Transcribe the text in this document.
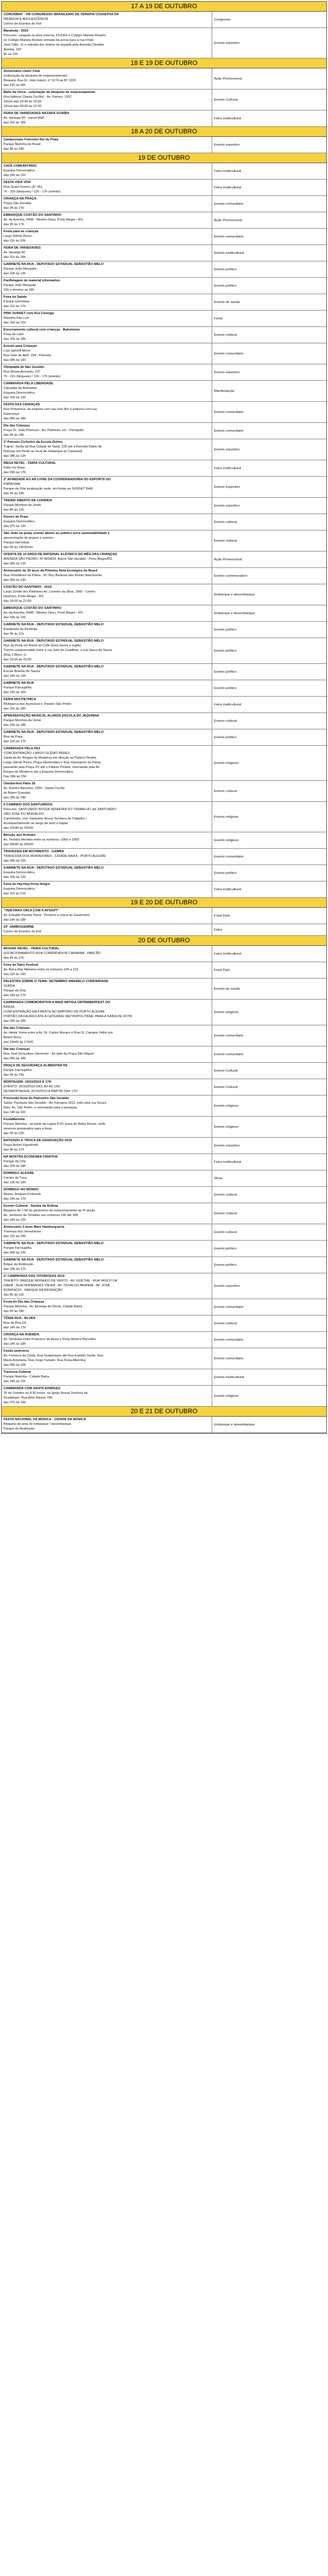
17 A 19 DE OUTUBRO
CONCRIBAT - VIII CONGRESSO BRASILEIRO DE TERAPIA COGNITIVA DA
INFÂNCIA E ADOLESCÊNCIA
Centro de Eventos do Fiol
Congresso
Maratoda - 2019
Percurso: Largada na área externa, PUCRS e Colégio Marista Rosário
no Colégio Marista Rosário entrada da prova para a rua Irmão
José Otão, 11 e entrada dos ônibus da largada pela Avenida Osvaldo
Aranha, 165
6h as 22h
Evento esportivo
18 E 19 DE OUTUBRO
Aniversário Liberr Club
(solicitação de bloqueio de estacionamento)
Bloqueio Rua Dr. João Inácio, nº 1174 ao Nº 1200
das 21h às 06h
Ação Promocional
Balle da Vinca - solicitação de bloqueio de estacionamento
Rua Itaboraí (Santa Cecília) - Av. Ramiro, 1937
18/out das 15:00 às 22:00
19/out das 09:00 às 21:00
Evento Cultural
FEIRA DE VARIEDADES NAZARÁ GUAÍBA
Av. Ipiranga 60 - Ivanal Mall
das 11h às 18h
Feira multicultural
18 A 20 DE OUTUBRO
Campeonato Futevolei Rei de Praia
Parque Marinha do Brasil
das 8h as 18h
Evento esportivo
19 DE OUTUBRO
CAFÉ COMUNITÁRIO
Esquina Democrática
das 14h às 21h
Feira multicultural
FESTA VIDA VIVA
Rua Guaió Gomes (A / 9h)
7h - 21h (bloqueio) / 12h - 17h (evento)
Feira multicultural
CRIANÇA NA PRAÇA
Praça São Geraldo
das 9h às 17h
Evento comunitário
EMBARQUE COSTÃO DO SANTINHO
Av. da Azenha, 4498 - Menino Deus, Porto Alegre - RS
das 9h às 17h
Ação Promocional
Festa para as crianças
Largo Glênio Peres
das 11h às 20h
Evento comunitário
FEIRA DE VARIEDADES
Av. Ipiranga 60
das 11h às 18h
Evento multicultural
GABINETE NA RUA - DEPUTADO ESTADUAL SEBASTIÃO MELO
Parque João Mesquita
das 10h às 12h
Evento político
Panfletagem de material informativo
Parque Júlio Mesquita
15h e término as 18h
Evento político
Feira de Saúde
Parque Germânia
das 11h às 17h
Evento de saúde
PINK SUNSET com Rca Consigo
Marinha São Luiz
das 16h às 21h
Festa
Encerramento cultural com crianças - Balonismo
Praia do Lami
das 10h às 18h
Evento cultural
Evento para Crianças
Loja Spinelli Mono
Rua Sete de Abril, 294 - Floresta
das 09h às 16h
Evento comunitário
Olimpíada de São Geraldo
Rua Moura Azevedo, 237
7h - 21h (bloqueio) / 12h - 17h (evento)
Evento esportivo
CAMINHADA PELA LIBERDADE
Calçadão da Andradas
Esquina Democrática
das 10h às 15h
Manifestação
FESTA DAS CRIANÇAS
Rua Primavera, da esquina com rua Ivan Ilim à esquina com rua
Esperança
das 08h às 18h
Evento comunitário
Dia das Crianças
Praça Dr. João Peterson - Av. Palmeira, s/n - Petrópolis
das 9h às 18h
Evento comunitário
1º Passeio Ciclístico da Escola Dolmo
Trajeto: Saída da Rua Cidade de Natal, 235 até a Avenida Diário de
Notícias em frente ao local de embarque do Catamarã
das 08h às 12h
Evento esportivo
MEGA REVEL - FEIRA CULTURAL
Pátio Ivo Rope
das 09h às 17h
Feira multicultural
2º AFINIDADE AO AR LIVRE DA COORDENADORIA DO ESPORTE DO
PMPA/SME
Parque da Orla localização sede, em frente ao SUNSET BAR
das 9h às 14h
Evento Esportivo
TREINO ABERTO DE CORRIDA
Parque Moinhos de Vento
das 8h às 12h
Evento esportivo
Piseiro de Praia
Esquina Democrática
das 07h às 12h
Evento cultural
São João na praia, evento aberto ao público terra sustentabilidade e
apresentação de grupos e autores
Parque Germânia
das 9h às 19h30min
Evento cultural
OFERTA DE 15 ANOS DE MATERIAL ELÉTRICO NO MÊS DAS CRIANÇAS
AVENIDA SÃO PEDRO, Nº 820/834, Bairro São Geraldo - Porto Alegre/RS
das 08h às 12h
Ação Promocional
Aniversário de 30 anos da Primeira Nota Ecológica do Brasil
Rua Voluntários da Pátria - Dr. Ruy Barbosa das Rosas Nascimento
das 09h às 13h
Evento comemorativo
COSTÃO DO SANTINHO - 2019
Largo Zumbi dos Palmares Av. Loureiro da Silva, 1660 - Centro
Histórico, Porto Alegre - RS
das 19:00 às 21:00
Embarque e desembarque
EMBARQUE COSTÃO DO SANTINHO
Av. da Azenha, 4498 - Menino Deus, Porto Alegre - RS
das 19h às 21h
Embarque e desembarque
GABINETE NA RUA - DEPUTADO ESTADUAL SEBASTIÃO MELO
Esplanada da Restinga
das 9h às 11h
Evento político
GABINETE NA RUA - DEPUTADO ESTADUAL SEBASTIÃO MELO
Rua da Praia em frente ao Café Dona Gema e região
Trecho compreendido entre a rua Julio de Castilhos, a rua Vasco da Gama
(Rua 1 Bloco 1)
das 10:00 às 20:00
Evento político
GABINETE NA RUA - DEPUTADO ESTADUAL SEBASTIÃO MELO
Escola Brasílio de Souza
das 14h às 16h
Evento político
GABINETE NA RUA
Parque Farroupilha
das 14h às 16h
Evento político
FEIRA MULTIETNICA
Multiparca dos Açorianos e Theatro São Pedro
das 11h às 18h
Feira multicultural
APRESENTAÇÃO MUSICAL ALUNOS ESCOLA DO JEQUINHA
Parque Moinhos de Vento
das 16h às 18h
Evento cultural
GABINETE NA RUA - DEPUTADO ESTADUAL SEBASTIÃO MELO
Rua da Praia
das 10h às 17h
Evento político
CAMINHADA PELA PAZ
CONCENTRAÇÃO: LARGO GLÊNIO PERES
Saída da Av. Borges de Medeiros em direção ao Palácio Piratini,
Largo Glênio Peres, Praça Montevidéu e Rua Voluntários da Pátria
passando pela Praça XV até o Palácio Piratini, retornando pela Av.
Borges de Medeiros até a Esquina Democrática
Das 08h às 15h
Evento religioso
Oktoberfest Pátio 26
Av. Ramiro Barcelos, 2350 - Santa Cecília
do Bairro Gravataí
das 18h às 18h
Evento cultural
II CAMINHO DOS SANTUÁRIOS
Percurso: SANTUÁRIO NOSSA SENHORA DO TRABALHO até SANTUÁRIO
SÃO JOSÉ DO MURIALDO
Caminhada, com Santuário Nossa Senhora do Trabalho /
Acompanhamento ao longo de todo o trajeto
das 12h30 as 22h00
Evento religioso
Bênção dos Animais
Av. Teixeira Mendes entre os números: 1066 e 1069
das 09h00 às 20h00
Evento religioso
TRAVESSIA EM MOVIMENTO - GAMBA
TRAVESSIA DOS MORADORES - CIDADE BAIXA - PORTO ALEGRE
das 09h às 15h
Evento comunitário
GABINETE NA RUA - DEPUTADO ESTADUAL SEBASTIÃO MELO
Esquina Democrática
das 10h às 12h
Evento político
Feira de Hip-Hop Porto Alegre
Esquina Democrática
das 11h às 21h
Feira multicultural
19 E 20 DE OUTUBRO
"VEM PARA ORLA COM A APSAPT"
Av. Edvaldo Pereira Paiva - Próximo à Usina do Gasômetro
das 14h às 18h
Food Park
23ª JAMBOGEMINE
Centro de Eventos do Fiol
Feira
20 DE OUTUBRO
MOSAIK REVEL - FEIRA CULTURAL
(ESTACIONAMENTO RUA COMENDADOR CARAHNA - PARCÃO
das 8h às 21h
Feira multicultural
Feira de Tales Festival
Av. Beira-Mar Meireles entre os números 100 a 215
das 11h às 14h
Food Park
PALESTRA SOBRE O TEMA: SETEMBRO AMARELO COMUNIDADE
SURDA
Parque da Orla
das 14h às 17h
Evento de saúde
CAMINHADA COMEMORATIVA A MAIS ANTIGA ONTEMBERFEST DO
BRASIL
CONCENTRAÇÃO EM FRENTE AO EMPÓRIO DE PORTO ALEGRE
PORTÃO DA FAURGS ATÉ A CATEDRAL METROPOLITANA, PARA A SAÍDA DE ROTA
das 09h às 20h
Evento religioso
Dia das Crianças
Av. Heitor Vieira entre a Av. Dr. Carlos Moraes e Rua Dr. Campos Velho em
Belém Novo
das 14h00 às 17h00
Evento comunitário
Dia das Crianças
Rua José Gonçalves Sarmento - Ao lado da Praça São Miguel
das 09h às 18h
Evento comunitário
PRAÇA DE SEGURANÇA ALIMENTAR RS
Parque Farroupilha
das 9h às 15h
Evento Cultural
MONTAGEM: 19/10/2019 À 17H
EVENTO: 20/10/2019 DAS 9H ÀS 16H
DESMONTAGEM: 20/10/2019 A PARTIR DAS 17H
Evento Cultural
Procissão festa do Padroeiro São Geraldo
Saída: Paróquia São Geraldo - Av. Farrapos 2011, indo pela rua Souza
Reis, Av. São Pedro, e retornando para a paróquia
das 14h às 22h
Evento religioso
FestaMarinha
Parque Marinha - as partir da Lagoa 8:00, praia de Belas Rosas, onde
seremos preparados para a festa
das 9h às 22h
Evento religioso
BATIZADO E TROCA DE GRADUAÇÃO 2019
Praça Anísio Figueiredo
das 9h às 17h
Evento esportivo
NA MOSTRA ECONOMIA CRIATIVA
Parque da Orla
das 10h às 18h
Feira multicultural
DOMINGO ALEGRE
Campo da Tuca
das 13h às 18h
Show
DOMINGO NO MUNDO
Museu Joaquim Felizardo
das 14h às 17h
Evento cultural
Evento Cultural - Samba da Rubina
Bloqueio de 1,5h do parâmetro de estacionamento da 4ª seção
Av. Jerônimo de Ornellas nos números 190 até 308
das 14h às 22h
Evento cultural
Aniversário 3 anos Mani Hamburgueria
Travessa dos Venezianos
das 12h às 20h
Evento cultural
GABINETE NA RUA - DEPUTADO ESTADUAL SEBASTIÃO MELO
Parque Farroupilha
das 09h às 12h
Evento político
GABINETE NA RUA - DEPUTADO ESTADUAL SEBASTIÃO MELO
Brique da Redenção
das 10h às 17h
Evento político
1º CAMINHADA DAS VITORIOSAS 2019
TRAJETO: PARQUE MOINHOS DE VENTO - AV. GOETHE - RUA VASCO DA
GAMA - RUA FERNANDES VIEIRA - AV. OSVALDO ARANHA - AV. JOSÉ
BONIFÁCIO - PARQUE DA REDENÇÃO
das 8h às 12h
Evento esportivo
Festa do Dia das Crianças
Parque Marinha - Av. Ipiranga de Gloria, Cidade Baixa
das 9h às 18h
Evento comunitário
TÔNIA RUA - BLUES
Rua da Rua Gil
das 14h às 17h
Evento cultural
CRIANÇA NA AVENIDA
Av. Nordeste entre Francisco de Assis e Dona Ramira Barcellos
das 14h às 18h
Evento comunitário
Feirão pedreiros
Av. Fonseca da Costa, Rua Guaianases até Rua Espírito Santo, Rua
Maria Antonieta, Rua Jorge Furtado, Rua Dona Albertina
das 09h às 16h
Evento comunitário
Travessa Cultural
Parque Marinha - Cidade Baixa
das 14h às 21h
Evento multicultural
CAMINHADA COM SANTA EDWIGES
20 de Outubro as 8:30 horas, na Igreja Nossa Senhora de
Guadalupe, Rua Artur Aquino 196
das 07h às 10h
Evento religioso
20 E 21 DE OUTUBRO
FESTA NACIONAL DA MÚSICA - CIDADE DA MÚSICA
Bloqueio de área de embarque / desembarque
Parque da Redenção
Embarque e desembarque
